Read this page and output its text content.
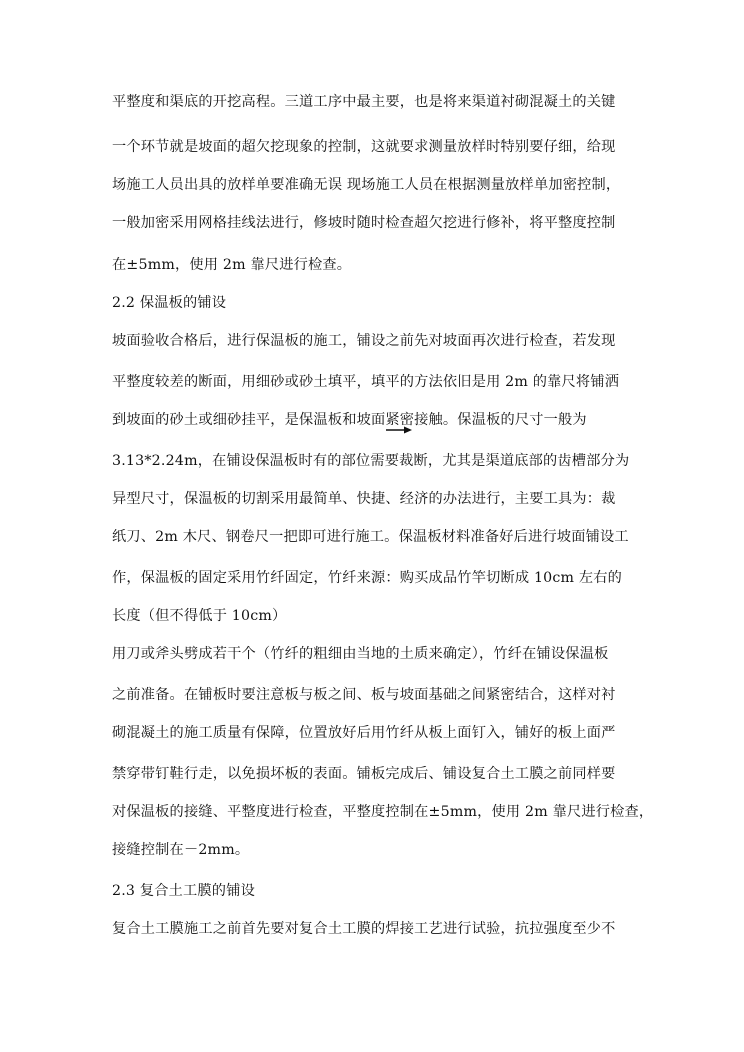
平整度和渠底的开挖高程。三道工序中最主要，也是将来渠道衬砌混凝土的关键
一个环节就是坡面的超欠挖现象的控制，这就要求测量放样时特别要仔细，给现
场施工人员出具的放样单要准确无误 现场施工人员在根据测量放样单加密控制，
一般加密采用网格挂线法进行，修坡时随时检查超欠挖进行修补，将平整度控制
在±5mm，使用 2m 靠尺进行检查。
2.2 保温板的铺设
坡面验收合格后，进行保温板的施工，铺设之前先对坡面再次进行检查，若发现
平整度较差的断面，用细砂或砂土填平，填平的方法依旧是用 2m 的靠尺将铺洒
到坡面的砂土或细砂挂平，是保温板和坡面紧密接触。保温板的尺寸一般为
3.13*2.24m，在铺设保温板时有的部位需要裁断，尤其是渠道底部的齿槽部分为
异型尺寸，保温板的切割采用最简单、快捷、经济的办法进行，主要工具为：裁
纸刀、2m 木尺、钢卷尺一把即可进行施工。保温板材料准备好后进行坡面铺设工
作，保温板的固定采用竹纤固定，竹纤来源：购买成品竹竿切断成 10cm 左右的
长度（但不得低于 10cm）
用刀或斧头劈成若干个（竹纤的粗细由当地的土质来确定），竹纤在铺设保温板
之前准备。在铺板时要注意板与板之间、板与坡面基础之间紧密结合，这样对衬
砌混凝土的施工质量有保障，位置放好后用竹纤从板上面钉入，铺好的板上面严
禁穿带钉鞋行走，以免损坏板的表面。铺板完成后、铺设复合土工膜之前同样要
对保温板的接缝、平整度进行检查，平整度控制在±5mm，使用 2m 靠尺进行检查，
接缝控制在－2mm。
2.3 复合土工膜的铺设
复合土工膜施工之前首先要对复合土工膜的焊接工艺进行试验，抗拉强度至少不
